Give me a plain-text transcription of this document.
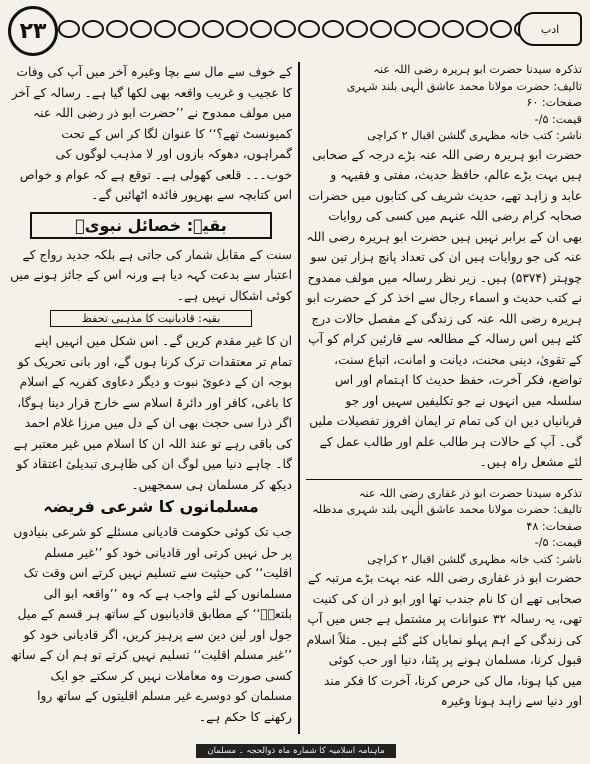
۲۳	ادب

کے خوف سے مال سے بچا وغیرہ آخر میں آپ کی وفات کا عجیب و غریب واقعہ بھی لکھا گیا ہے۔ رسالہ کے آخر میں مولف ممدوح نے ’’حضرت ابو ذر رضی اللہ عنہ کمیونسٹ تھے؟‘‘ کا عنوان لگا کر اس کے تحت گمراہوں، دھوکہ بازوں اور لا مذہب لوگوں کی خوب۔۔۔ قلعی کھولی ہے۔ توقع ہے کہ عوام و خواص اس کتابچہ سے بھرپور فائدہ اٹھائیں گے۔

بقیہ: خصائل نبویؐ

سنت کے مقابل شمار کی جاتی ہے بلکہ جدید رواج کے اعتبار سے بدعت کہہ دیا ہے ورنہ اس کے جائز ہونے میں کوئی اشکال نہیں ہے۔

بقیہ: قادیانیت کا مذہبی تحفظ

ان کا غیر مقدم کریں گے۔ اس شکل میں انہیں اپنے تمام تر معتقدات ترک کرنا ہوں گے، اور بانی تحریک کو بوجہ ان کے دعوئ نبوت و دیگر دعاوی کفریہ کے اسلام کا باغی، کافر اور دائرۂ اسلام سے خارج قرار دینا ہوگا، اگر ذرا سی حجت بھی ان کے دل میں مرزا غلام احمد کی باقی رہے تو عند اللہ ان کا اسلام میں غیر معتبر ہے گا۔ چاہے دنیا میں لوگ ان کی ظاہری تبدیلیٔ اعتقاد کو دیکھ کر مسلمان ہی سمجھیں۔

مسلمانوں کا شرعی فریضہ

جب تک کوئی حکومت قادیانی مسئلے کو شرعی بنیادوں پر حل نہیں کرتی اور قادیانی خود کو ’’غیر مسلم اقلیت‘‘ کی حیثیت سے تسلیم نہیں کرتے اس وقت تک مسلمانوں کے لئے واجب ہے کہ وہ ’’واقعہ ابو الی بلتعہؓ‘‘ کے مطابق قادیانیوں کے ساتھ ہر قسم کے میل جول اور لین دین سے پرہیز کریں، اگر قادیانی خود کو ’’غیر مسلم اقلیت‘‘ تسلیم نہیں کرتے تو ہم ان کے ساتھ کسی صورت وہ معاملات نہیں کر سکتے جو ایک مسلمان کو دوسرے غیر مسلم اقلیتوں کے ساتھ روا رکھنے کا حکم ہے۔

تذکرہ سیدنا حضرت ابو ہریرہ رضی اللہ عنہ
تالیف: حضرت مولانا محمد عاشق الٰہی بلند شہری
صفحات: ۶۰
قیمت: ۵/-
ناشر: کتب خانہ مظہری گلشن اقبال ۲ کراچی

حضرت ابو ہریرہ رضی اللہ عنہ بڑے درجہ کے صحابی ہیں بہت بڑے عالم، حافظ حدیث، مفتی و فقیہہ و عابد و زاہد تھے، حدیث شریف کی کتابوں میں حضرات صحابہ کرام رضی اللہ عنہم میں کسی کی روایات بھی ان کے برابر نہیں ہیں حضرت ابو ہریرہ رضی اللہ عنہ کی جو روایات ہیں ان کی تعداد پانچ ہزار تین سو چوہتر (۵۳۷۴) ہیں۔ زیر نظر رسالہ میں مولف ممدوح نے کتب حدیث و اسماء رجال سے اخذ کر کے حضرت ابو ہریرہ رضی اللہ عنہ کی زندگی کے مفصل حالات درج کئے ہیں اس رسالہ کے مطالعہ سے قارئین کرام کو آپ کے تقویٰ، دینی محنت، دیانت و امانت، اتباع سنت، تواضع، فکر آخرت، حفظ حدیث کا اہتمام اور اس سلسلہ میں انہوں نے جو تکلیفیں سہیں اور جو قربانیاں دیں ان کی تمام تر ایمان افروز تفصیلات ملیں گی۔ آپ کے حالات ہر طالب علم اور طالب عمل کے لئے مشعل راہ ہیں۔

تذکرہ سیدنا حضرت ابو ذر غفاری رضی اللہ عنہ
تالیف: حضرت مولانا محمد عاشق الٰہی بلند شہری مدظلہ
صفحات: ۴۸
قیمت: ۵/-
ناشر: کتب خانہ مظہری گلشن اقبال ۲ کراچی

حضرت ابو ذر غفاری رضی اللہ عنہ بہت بڑے مرتبہ کے صحابی تھے ان کا نام جندب تھا اور ابو ذر ان کی کنیت تھی، یہ رسالہ ۳۲ عنوانات پر مشتمل ہے جس میں آپ کی زندگی کے اہم پہلو نمایاں کئے گئے ہیں۔ مثلاً اسلام قبول کرنا، مسلمان ہونے پر پٹنا، دنیا اور حب کوئی میں کیا ہونا، مال کی حرص کرنا، آخرت کا فکر مند اور دنیا سے زاہد ہونا وغیرہ

ماہنامہ اسلامیہ کا شمارہ ماہ ذوالحجہ ۔ مسلمان
